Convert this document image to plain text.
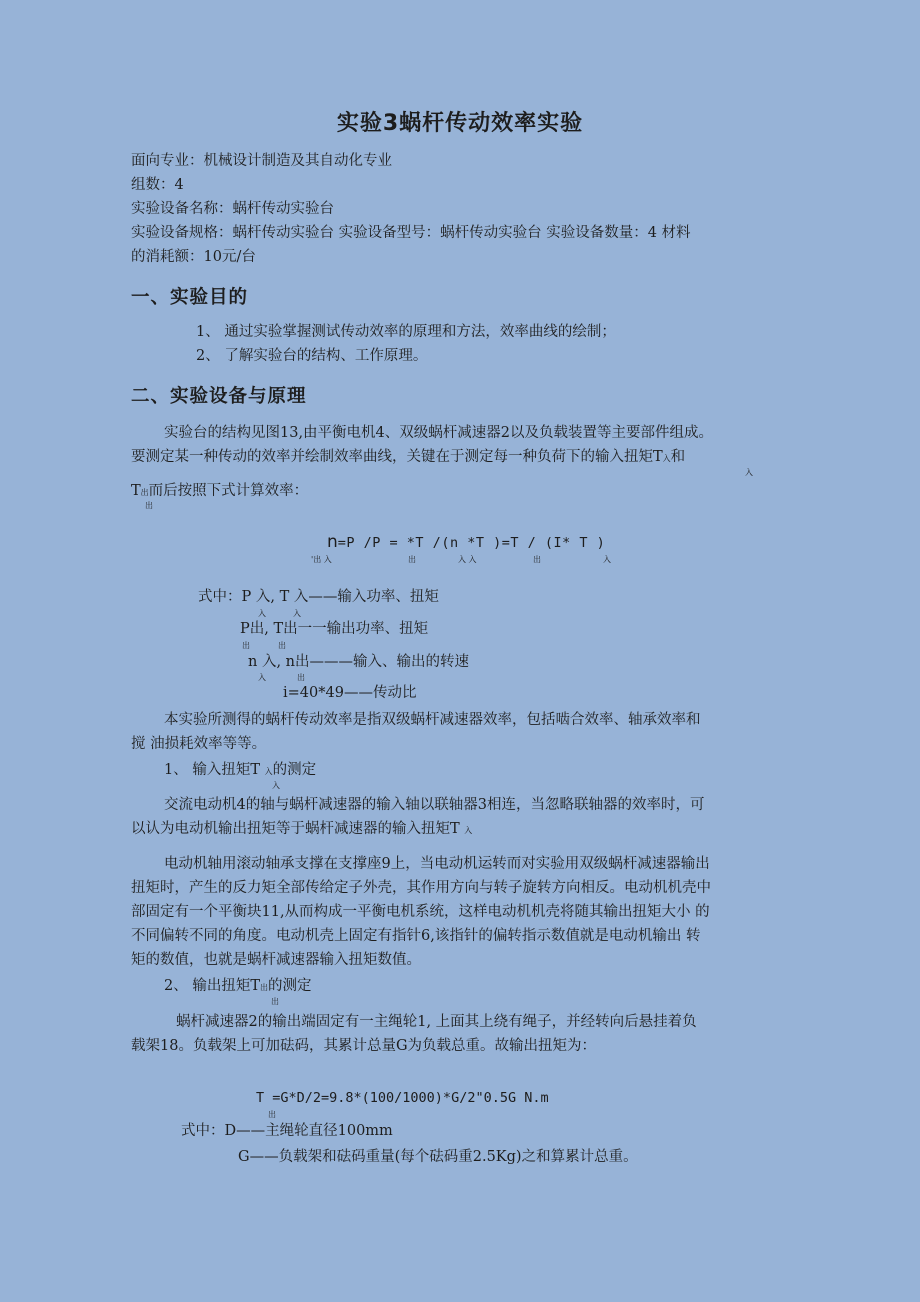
实验3蜗杆传动效率实验
面向专业：机械设计制造及其自动化专业
组数：4
实验设备名称：蜗杆传动实验台
实验设备规格：蜗杆传动实验台 实验设备型号：蜗杆传动实验台 实验设备数量：4 材料
的消耗额：10元/台
一、实验目的
1、 通过实验掌握测试传动效率的原理和方法，效率曲线的绘制；
2、 了解实验台的结构、工作原理。
二、实验设备与原理
实验台的结构见图13,由平衡电机4、双级蜗杆减速器2以及负载装置等主要部件组成。
要测定某一种传动的效率并绘制效率曲线，关键在于测定每一种负荷下的输入扭矩T入和
入
T出而后按照下式计算效率：
出
n=P /P = *T /(n *T )=T / (I* T )
'出 入	出	入 入	出	入
式中：P 入, T 入——输入功率、扭矩
入	入
P出, T出一一输出功率、扭矩
出	出
n 入, n出———输入、输出的转速
入	出
i=40*49——传动比
本实验所测得的蜗杆传动效率是指双级蜗杆减速器效率，包括啮合效率、轴承效率和
搅 油损耗效率等等。
1、 输入扭矩T 入的测定
入
交流电动机4的轴与蜗杆减速器的输入轴以联轴器3相连，当忽略联轴器的效率时，可
以认为电动机输出扭矩等于蜗杆减速器的输入扭矩T 入
电动机轴用滚动轴承支撑在支撑座9上，当电动机运转而对实验用双级蜗杆减速器输出
扭矩时，产生的反力矩全部传给定子外壳，其作用方向与转子旋转方向相反。电动机机壳中
部固定有一个平衡块11,从而构成一平衡电机系统，这样电动机机壳将随其输出扭矩大小 的
不同偏转不同的角度。电动机壳上固定有指针6,该指针的偏转指示数值就是电动机输出 转
矩的数值，也就是蜗杆减速器输入扭矩数值。
2、 输出扭矩T出的测定
出
蜗杆减速器2的输出端固定有一主绳轮1, 上面其上绕有绳子，并经转向后悬挂着负
载架18。负载架上可加砝码，其累计总量G为负载总重。故输出扭矩为：
T =G*D/2=9.8*(100/1000)*G/2"0.5G N.m
出
式中：D——主绳轮直径100mm
G——负载架和砝码重量(每个砝码重2.5Kg)之和算累计总重。
